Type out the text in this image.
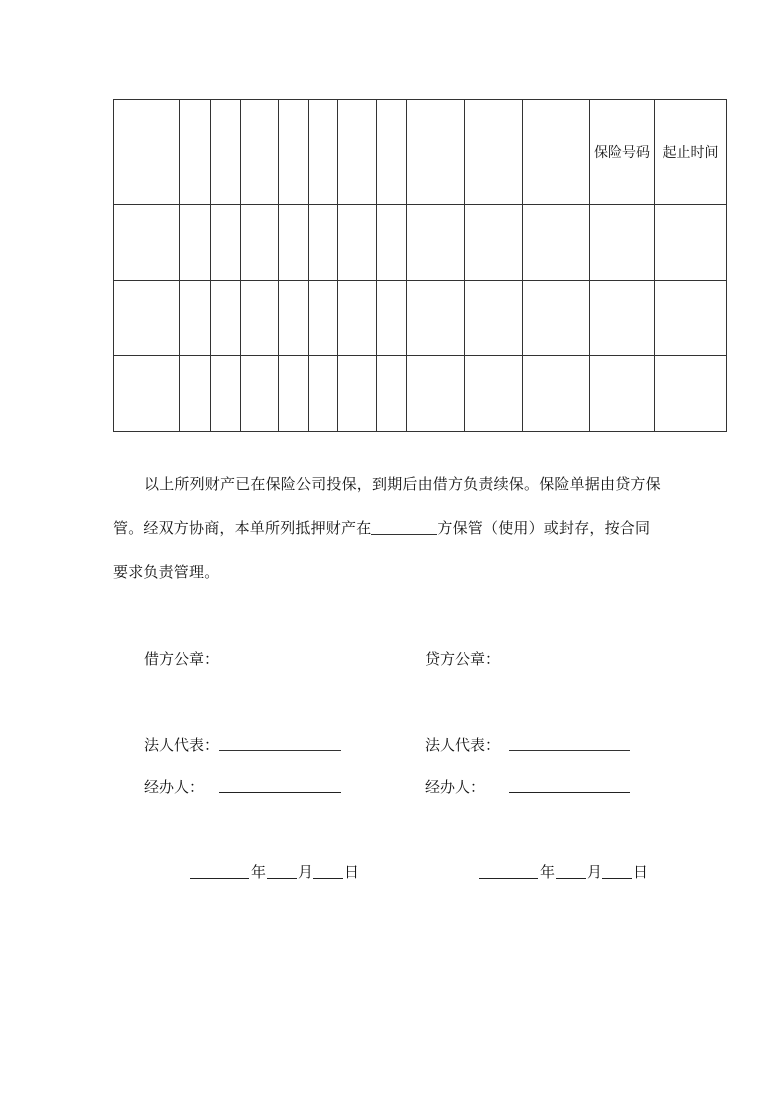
											保险号码	起止时间

以上所列财产已在保险公司投保，到期后由借方负责续保。保险单据由贷方保管。经双方协商，本单所列抵押财产在	方保管（使用）或封存，按合同要求负责管理。

借方公章：	贷方公章：
法人代表：	法人代表：
经办人：	经办人：
年 月 日	年 月 日
